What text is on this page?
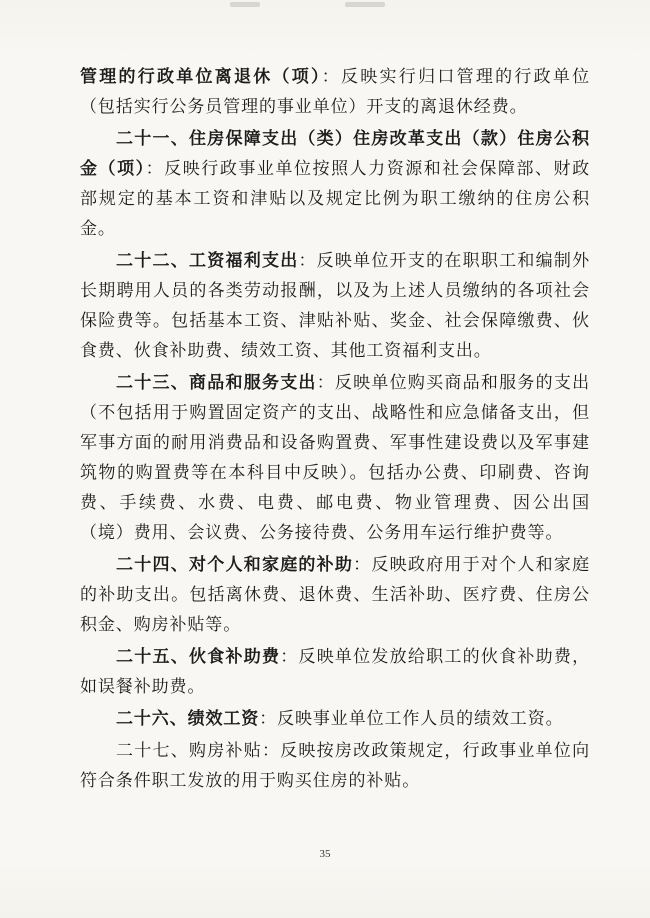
管理的行政单位离退休（项）：反映实行归口管理的行政单位（包括实行公务员管理的事业单位）开支的离退休经费。

二十一、住房保障支出（类）住房改革支出（款）住房公积金（项）：反映行政事业单位按照人力资源和社会保障部、财政部规定的基本工资和津贴以及规定比例为职工缴纳的住房公积金。

二十二、工资福利支出：反映单位开支的在职职工和编制外长期聘用人员的各类劳动报酬，以及为上述人员缴纳的各项社会保险费等。包括基本工资、津贴补贴、奖金、社会保障缴费、伙食费、伙食补助费、绩效工资、其他工资福利支出。

二十三、商品和服务支出：反映单位购买商品和服务的支出（不包括用于购置固定资产的支出、战略性和应急储备支出，但军事方面的耐用消费品和设备购置费、军事性建设费以及军事建筑物的购置费等在本科目中反映）。包括办公费、印刷费、咨询费、手续费、水费、电费、邮电费、物业管理费、因公出国（境）费用、会议费、公务接待费、公务用车运行维护费等。

二十四、对个人和家庭的补助：反映政府用于对个人和家庭的补助支出。包括离休费、退休费、生活补助、医疗费、住房公积金、购房补贴等。

二十五、伙食补助费：反映单位发放给职工的伙食补助费，如误餐补助费。

二十六、绩效工资：反映事业单位工作人员的绩效工资。

二十七、购房补贴：反映按房改政策规定，行政事业单位向符合条件职工发放的用于购买住房的补贴。

35
